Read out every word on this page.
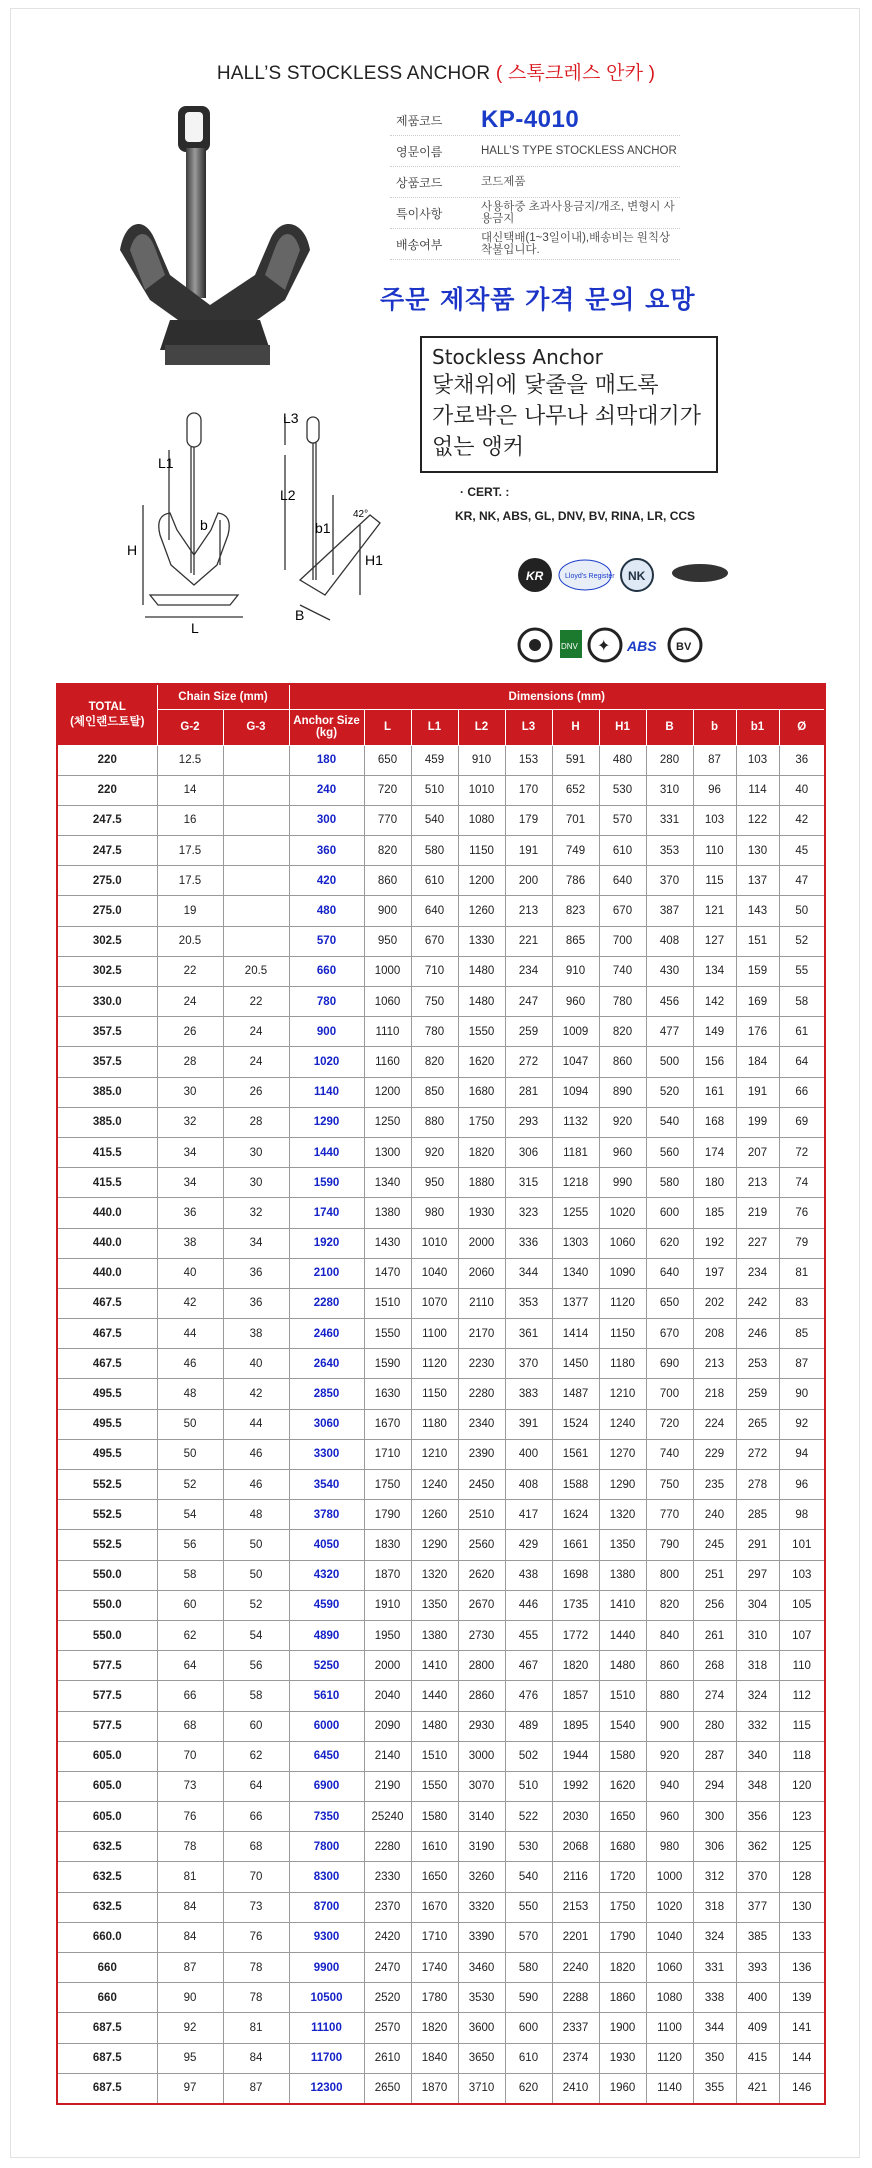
HALL’S STOCKLESS ANCHOR ( 스톡크레스 안카 )
제품코드	KP-4010
영문이름	HALL’S TYPE STOCKLESS ANCHOR
상품코드	코드제품
특이사항	사용하중 초과사용금지/개조, 변형시 사용금지
배송여부	대신택배(1~3일이내),배송비는 원칙상 착불입니다.
주문 제작품 가격 문의 요망
Stockless Anchor
닻채위에 닻줄을 매도록
가로박은 나무나 쇠막대기가
없는 앵커
L3
L1
L2
b	b1
H
H1
B
L
42°
· CERT. :
KR, NK, ABS, GL, DNV, BV, RINA, LR, CCS
KR	Lloyd's Register NK
DNV ✦ ABS BV
TOTAL
(체인랜드토탈)	Chain Size (mm)		Dimensions (mm)										
	G-2	G-3	Anchor Size (kg)	L	L1	L2	L3	H	H1	B	b	b1	Ø
220	12.5		180	650	459	910	153	591	480	280	87	103	36
220	14		240	720	510	1010	170	652	530	310	96	114	40
247.5	16		300	770	540	1080	179	701	570	331	103	122	42
247.5	17.5		360	820	580	1150	191	749	610	353	110	130	45
275.0	17.5		420	860	610	1200	200	786	640	370	115	137	47
275.0	19		480	900	640	1260	213	823	670	387	121	143	50
302.5	20.5		570	950	670	1330	221	865	700	408	127	151	52
302.5	22	20.5	660	1000	710	1480	234	910	740	430	134	159	55
330.0	24	22	780	1060	750	1480	247	960	780	456	142	169	58
357.5	26	24	900	1110	780	1550	259	1009	820	477	149	176	61
357.5	28	24	1020	1160	820	1620	272	1047	860	500	156	184	64
385.0	30	26	1140	1200	850	1680	281	1094	890	520	161	191	66
385.0	32	28	1290	1250	880	1750	293	1132	920	540	168	199	69
415.5	34	30	1440	1300	920	1820	306	1181	960	560	174	207	72
415.5	34	30	1590	1340	950	1880	315	1218	990	580	180	213	74
440.0	36	32	1740	1380	980	1930	323	1255	1020	600	185	219	76
440.0	38	34	1920	1430	1010	2000	336	1303	1060	620	192	227	79
440.0	40	36	2100	1470	1040	2060	344	1340	1090	640	197	234	81
467.5	42	36	2280	1510	1070	2110	353	1377	1120	650	202	242	83
467.5	44	38	2460	1550	1100	2170	361	1414	1150	670	208	246	85
467.5	46	40	2640	1590	1120	2230	370	1450	1180	690	213	253	87
495.5	48	42	2850	1630	1150	2280	383	1487	1210	700	218	259	90
495.5	50	44	3060	1670	1180	2340	391	1524	1240	720	224	265	92
495.5	50	46	3300	1710	1210	2390	400	1561	1270	740	229	272	94
552.5	52	46	3540	1750	1240	2450	408	1588	1290	750	235	278	96
552.5	54	48	3780	1790	1260	2510	417	1624	1320	770	240	285	98
552.5	56	50	4050	1830	1290	2560	429	1661	1350	790	245	291	101
550.0	58	50	4320	1870	1320	2620	438	1698	1380	800	251	297	103
550.0	60	52	4590	1910	1350	2670	446	1735	1410	820	256	304	105
550.0	62	54	4890	1950	1380	2730	455	1772	1440	840	261	310	107
577.5	64	56	5250	2000	1410	2800	467	1820	1480	860	268	318	110
577.5	66	58	5610	2040	1440	2860	476	1857	1510	880	274	324	112
577.5	68	60	6000	2090	1480	2930	489	1895	1540	900	280	332	115
605.0	70	62	6450	2140	1510	3000	502	1944	1580	920	287	340	118
605.0	73	64	6900	2190	1550	3070	510	1992	1620	940	294	348	120
605.0	76	66	7350	25240	1580	3140	522	2030	1650	960	300	356	123
632.5	78	68	7800	2280	1610	3190	530	2068	1680	980	306	362	125
632.5	81	70	8300	2330	1650	3260	540	2116	1720	1000	312	370	128
632.5	84	73	8700	2370	1670	3320	550	2153	1750	1020	318	377	130
660.0	84	76	9300	2420	1710	3390	570	2201	1790	1040	324	385	133
660	87	78	9900	2470	1740	3460	580	2240	1820	1060	331	393	136
660	90	78	10500	2520	1780	3530	590	2288	1860	1080	338	400	139
687.5	92	81	11100	2570	1820	3600	600	2337	1900	1100	344	409	141
687.5	95	84	11700	2610	1840	3650	610	2374	1930	1120	350	415	144
687.5	97	87	12300	2650	1870	3710	620	2410	1960	1140	355	421	146
